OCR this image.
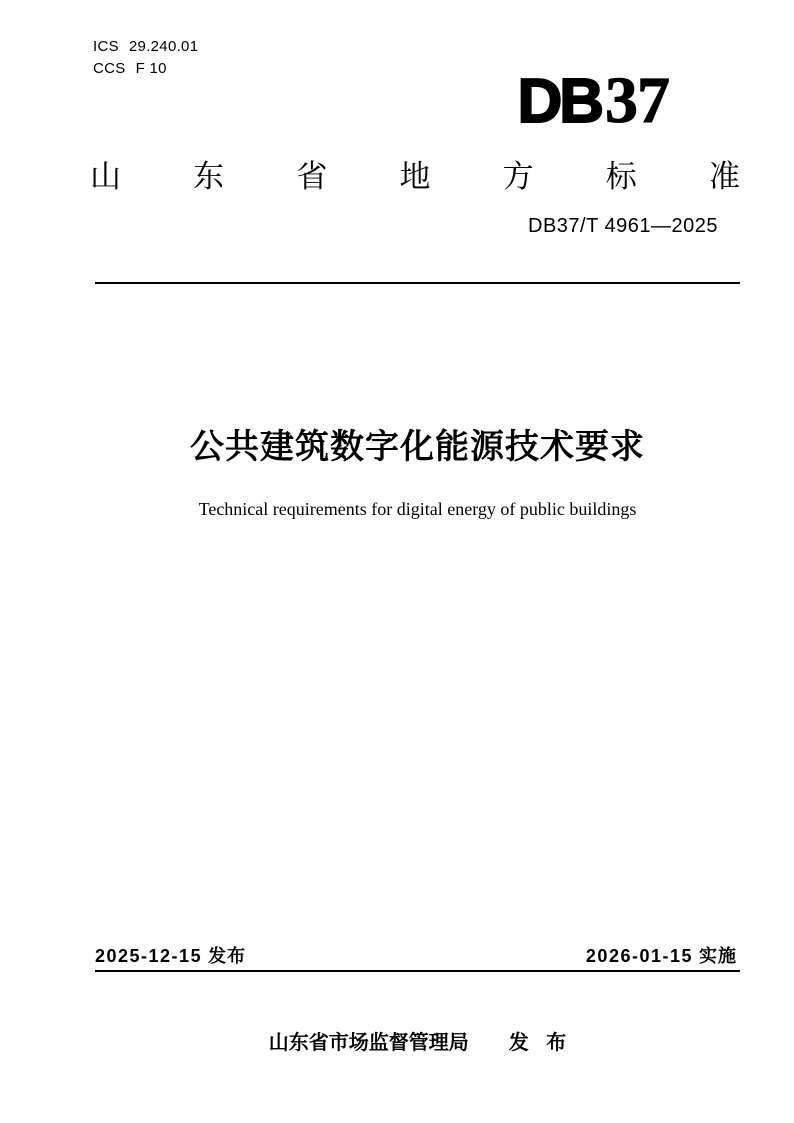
ICS 29.240.01
CCS F 10	DB37
山 东 省 地 方 标 准
DB37/T 4961—2025
公共建筑数字化能源技术要求
Technical requirements for digital energy of public buildings
2025-12-15 发布	2026-01-15 实施
山东省市场监督管理局 发 布
